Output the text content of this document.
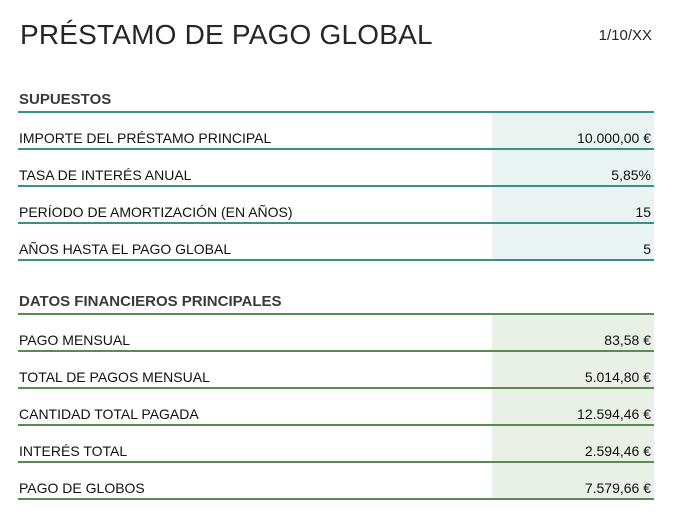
PRÉSTAMO DE PAGO GLOBAL	1/10/XX
SUPUESTOS
IMPORTE DEL PRÉSTAMO PRINCIPAL	10.000,00 €
TASA DE INTERÉS ANUAL	5,85%
PERÍODO DE AMORTIZACIÓN (EN AÑOS)	15
AÑOS HASTA EL PAGO GLOBAL	5
DATOS FINANCIEROS PRINCIPALES
PAGO MENSUAL	83,58 €
TOTAL DE PAGOS MENSUAL	5.014,80 €
CANTIDAD TOTAL PAGADA	12.594,46 €
INTERÉS TOTAL	2.594,46 €
PAGO DE GLOBOS	7.579,66 €
